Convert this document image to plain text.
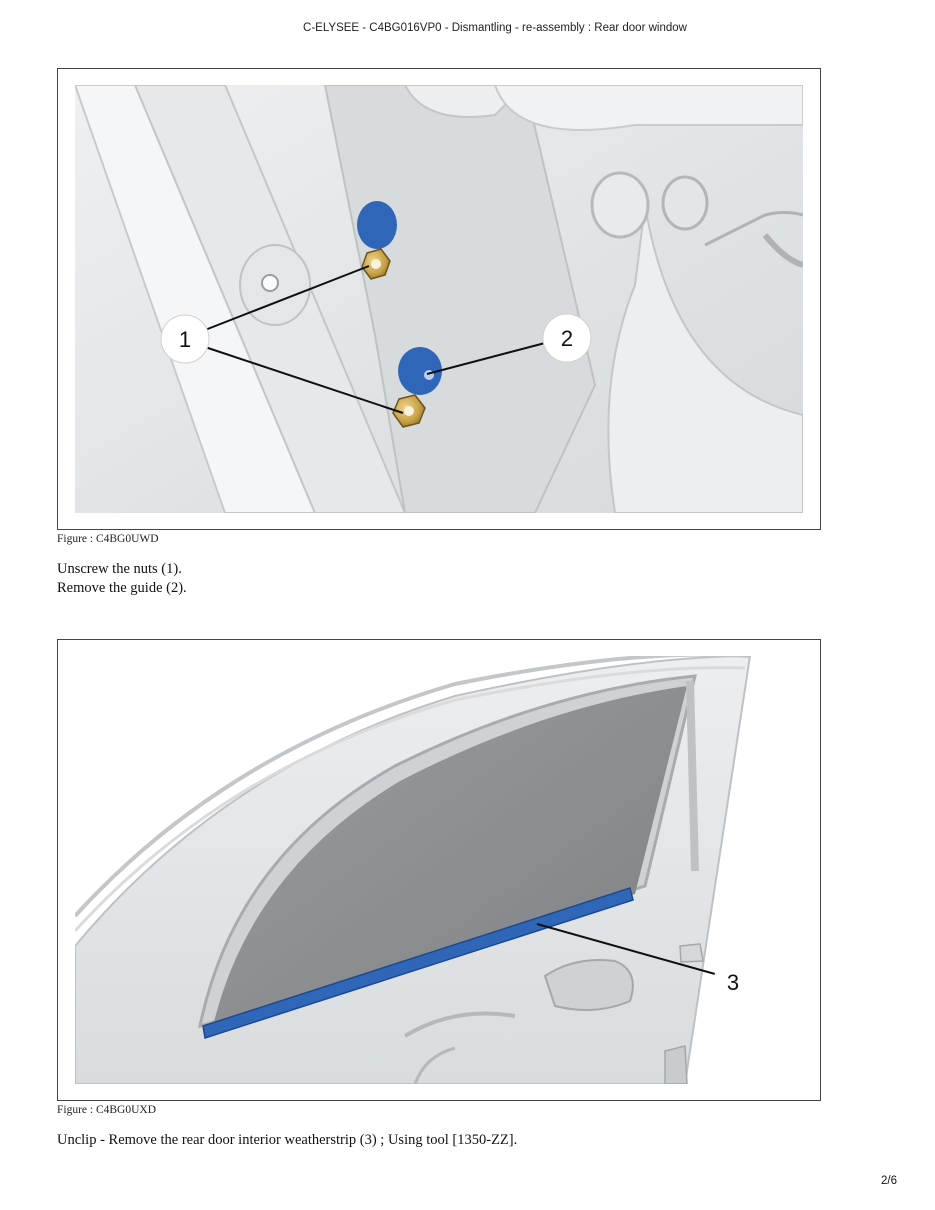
C-ELYSEE - C4BG016VP0 - Dismantling - re-assembly : Rear door window
1	2
Figure : C4BG0UWD
Unscrew the nuts (1).
Remove the guide (2).
3
Figure : C4BG0UXD
Unclip - Remove the rear door interior weatherstrip (3) ; Using tool [1350-ZZ].
2/6
